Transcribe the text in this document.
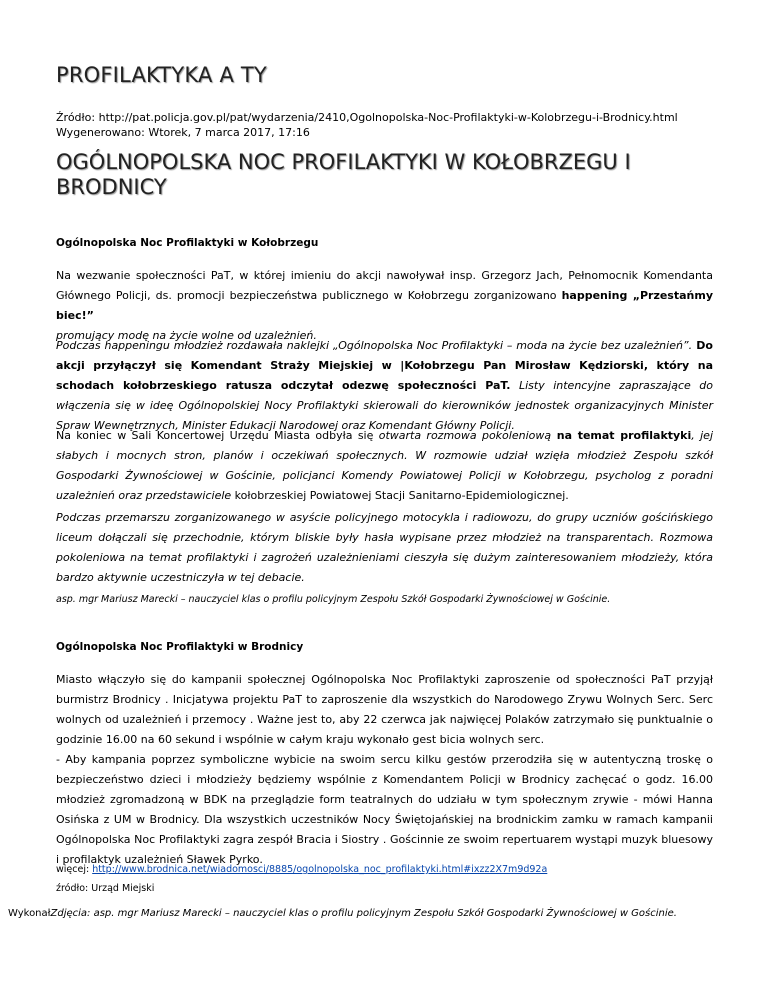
PROFILAKTYKA A TY
Źródło: http://pat.policja.gov.pl/pat/wydarzenia/2410,Ogolnopolska-Noc-Profilaktyki-w-Kolobrzegu-i-Brodnicy.html
Wygenerowano: Wtorek, 7 marca 2017, 17:16
OGÓLNOPOLSKA NOC PROFILAKTYKI W KOŁOBRZEGU I BRODNICY
Ogólnopolska Noc Profilaktyki w Kołobrzegu

Na wezwanie społeczności PaT, w której imieniu do akcji nawoływał insp. Grzegorz Jach, Pełnomocnik Komendanta Głównego Policji, ds. promocji bezpieczeństwa publicznego w Kołobrzegu zorganizowano happening „Przestańmy biec!”
promujący modę na życie wolne od uzależnień.

Podczas happeningu młodzież rozdawała naklejki „Ogólnopolska Noc Profilaktyki – moda na życie bez uzależnień”. Do akcji przyłączył się Komendant Straży Miejskiej w |Kołobrzegu Pan Mirosław Kędziorski, który na schodach kołobrzeskiego ratusza odczytał odezwę społeczności PaT. Listy intencyjne zapraszające do włączenia się w ideę Ogólnopolskiej Nocy Profilaktyki skierowali do kierowników jednostek organizacyjnych Minister Spraw Wewnętrznych, Minister Edukacji Narodowej oraz Komendant Główny Policji.

Na koniec w Sali Koncertowej Urzędu Miasta odbyła się otwarta rozmowa pokoleniową na temat profilaktyki, jej słabych i mocnych stron, planów i oczekiwań społecznych. W rozmowie udział wzięła młodzież Zespołu szkół Gospodarki Żywnościowej w Gościnie, policjanci Komendy Powiatowej Policji w Kołobrzegu, psycholog z poradni uzależnień oraz przedstawiciele kołobrzeskiej Powiatowej Stacji Sanitarno-Epidemiologicznej.

Podczas przemarszu zorganizowanego w asyście policyjnego motocykla i radiowozu, do grupy uczniów gościńskiego liceum dołączali się przechodnie, którym bliskie były hasła wypisane przez młodzież na transparentach. Rozmowa pokoleniowa na temat profilaktyki i zagrożeń uzależnieniami cieszyła się dużym zainteresowaniem młodzieży, która bardzo aktywnie uczestniczyła w tej debacie.

asp. mgr Mariusz Marecki – nauczyciel klas o profilu policyjnym Zespołu Szkół Gospodarki Żywnościowej w Gościnie.
Ogólnopolska Noc Profilaktyki w Brodnicy

Miasto włączyło się do kampanii społecznej Ogólnopolska Noc Profilaktyki zaproszenie od społeczności PaT przyjął burmistrz Brodnicy . Inicjatywa projektu PaT to zaproszenie dla wszystkich do Narodowego Zrywu Wolnych Serc. Serc wolnych od uzależnień i przemocy . Ważne jest to, aby 22 czerwca jak najwięcej Polaków zatrzymało się punktualnie o godzinie 16.00 na 60 sekund i wspólnie w całym kraju wykonało gest bicia wolnych serc.

- Aby kampania poprzez symboliczne wybicie na swoim sercu kilku gestów przerodziła się w autentyczną troskę o bezpieczeństwo dzieci i młodzieży będziemy wspólnie z Komendantem Policji w Brodnicy zachęcać o godz. 16.00 młodzież zgromadzoną w BDK na przeglądzie form teatralnych do udziału w tym społecznym zrywie - mówi Hanna Osińska z UM w Brodnicy. Dla wszystkich uczestników Nocy Świętojańskiej na brodnickim zamku w ramach kampanii Ogólnopolska Noc Profilaktyki zagra zespół Bracia i Siostry . Gościnnie ze swoim repertuarem wystąpi muzyk bluesowy i profilaktyk uzależnień Sławek Pyrko.

więcej: http://www.brodnica.net/wiadomosci/8885/ogolnopolska_noc_profilaktyki.html#ixzz2X7m9d92a
źródło: Urząd Miejski
WykonałZdjęcia: asp. mgr Mariusz Marecki – nauczyciel klas o profilu policyjnym Zespołu Szkół Gospodarki Żywnościowej w Gościnie.
